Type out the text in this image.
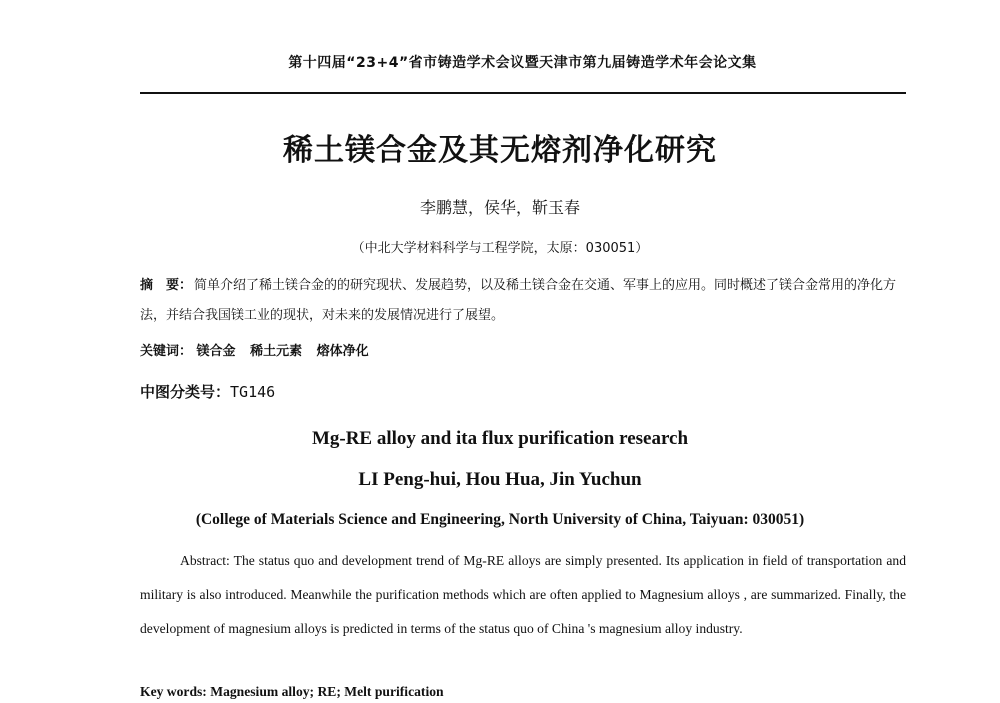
第十四届“23+4”省市铸造学术会议暨天津市第九届铸造学术年会论文集
稀土镁合金及其无熔剂净化研究
李鹏慧，侯华，靳玉春
（中北大学材料科学与工程学院，太原：030051）
摘　要： 简单介绍了稀土镁合金的的研究现状、发展趋势，以及稀土镁合金在交通、军事上的应用。同时概述了镁合金常用的净化方法，并结合我国镁工业的现状，对未来的发展情况进行了展望。
关键词： 镁合金 稀土元素 熔体净化
中图分类号：TG146
Mg-RE alloy and ita flux purification research
LI Peng-hui, Hou Hua, Jin Yuchun
(College of Materials Science and Engineering, North University of China, Taiyuan: 030051)
Abstract: The status quo and development trend of Mg-RE alloys are simply presented. Its application in field of transportation and military is also introduced. Meanwhile the purification methods which are often applied to Magnesium alloys , are summarized. Finally, the development of magnesium alloys is predicted in terms of the status quo of China 's magnesium alloy industry.
Key words: Magnesium alloy; RE; Melt purification
